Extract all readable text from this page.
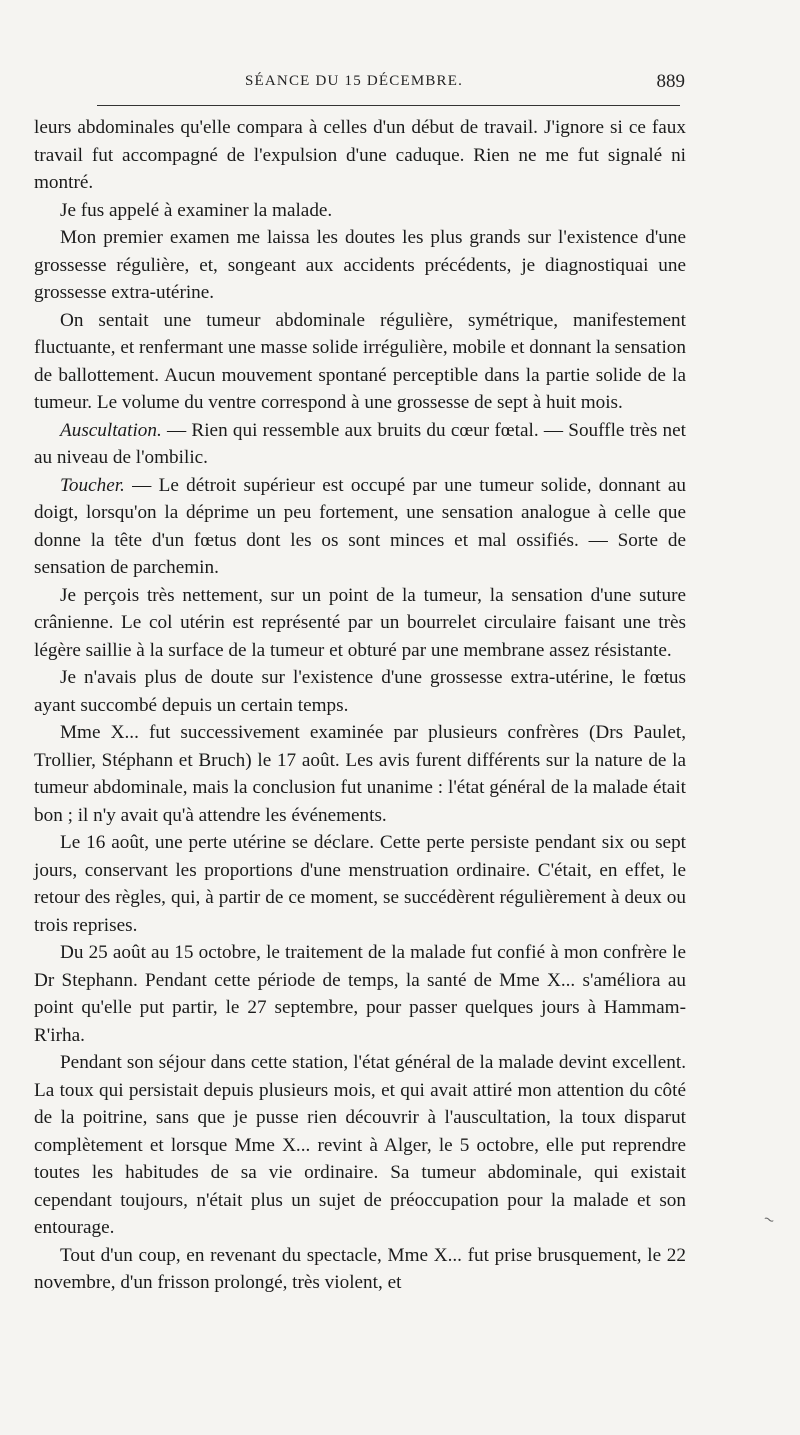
SÉANCE DU 15 DÉCEMBRE.	889

leurs abdominales qu'elle compara à celles d'un début de travail. J'ignore si ce faux travail fut accompagné de l'expulsion d'une caduque. Rien ne me fut signalé ni montré.

Je fus appelé à examiner la malade.

Mon premier examen me laissa les doutes les plus grands sur l'existence d'une grossesse régulière, et, songeant aux accidents précédents, je diagnostiquai une grossesse extra-utérine.

On sentait une tumeur abdominale régulière, symétrique, manifestement fluctuante, et renfermant une masse solide irrégulière, mobile et donnant la sensation de ballottement. Aucun mouvement spontané perceptible dans la partie solide de la tumeur. Le volume du ventre correspond à une grossesse de sept à huit mois.

Auscultation. — Rien qui ressemble aux bruits du cœur fœtal. — Souffle très net au niveau de l'ombilic.

Toucher. — Le détroit supérieur est occupé par une tumeur solide, donnant au doigt, lorsqu'on la déprime un peu fortement, une sensation analogue à celle que donne la tête d'un fœtus dont les os sont minces et mal ossifiés. — Sorte de sensation de parchemin.

Je perçois très nettement, sur un point de la tumeur, la sensation d'une suture crânienne. Le col utérin est représenté par un bourrelet circulaire faisant une très légère saillie à la surface de la tumeur et obturé par une membrane assez résistante.

Je n'avais plus de doute sur l'existence d'une grossesse extra-utérine, le fœtus ayant succombé depuis un certain temps.

Mme X... fut successivement examinée par plusieurs confrères (Drs Paulet, Trollier, Stéphann et Bruch) le 17 août. Les avis furent différents sur la nature de la tumeur abdominale, mais la conclusion fut unanime : l'état général de la malade était bon ; il n'y avait qu'à attendre les événements.

Le 16 août, une perte utérine se déclare. Cette perte persiste pendant six ou sept jours, conservant les proportions d'une menstruation ordinaire. C'était, en effet, le retour des règles, qui, à partir de ce moment, se succédèrent régulièrement à deux ou trois reprises.

Du 25 août au 15 octobre, le traitement de la malade fut confié à mon confrère le Dr Stephann. Pendant cette période de temps, la santé de Mme X... s'améliora au point qu'elle put partir, le 27 septembre, pour passer quelques jours à Hammam-R'irha.

Pendant son séjour dans cette station, l'état général de la malade devint excellent. La toux qui persistait depuis plusieurs mois, et qui avait attiré mon attention du côté de la poitrine, sans que je pusse rien découvrir à l'auscultation, la toux disparut complètement et lorsque Mme X... revint à Alger, le 5 octobre, elle put reprendre toutes les habitudes de sa vie ordinaire. Sa tumeur abdominale, qui existait cependant toujours, n'était plus un sujet de préoccupation pour la malade et son entourage.

Tout d'un coup, en revenant du spectacle, Mme X... fut prise brusquement, le 22 novembre, d'un frisson prolongé, très violent, et

~
